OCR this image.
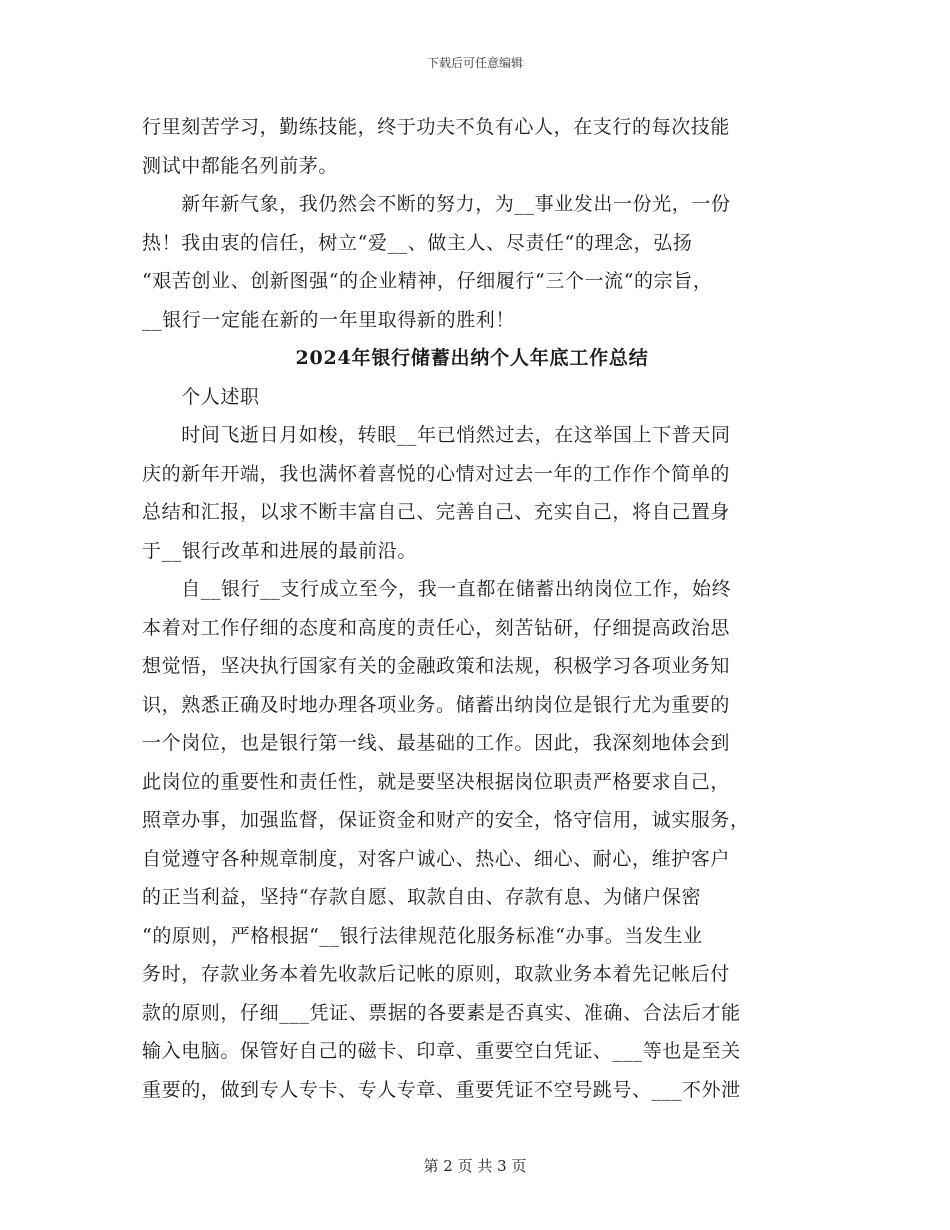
下载后可任意编辑
行里刻苦学习，勤练技能，终于功夫不负有心人，在支行的每次技能
测试中都能名列前茅。
　　新年新气象，我仍然会不断的努力，为__事业发出一份光，一份
热！我由衷的信任，树立“爱__、做主人、尽责任“的理念，弘扬
“艰苦创业、创新图强“的企业精神，仔细履行“三个一流“的宗旨，
__银行一定能在新的一年里取得新的胜利！
2024年银行储蓄出纳个人年底工作总结
　　个人述职
　　时间飞逝日月如梭，转眼__年已悄然过去，在这举国上下普天同
庆的新年开端，我也满怀着喜悦的心情对过去一年的工作作个简单的
总结和汇报，以求不断丰富自己、完善自己、充实自己，将自己置身
于__银行改革和进展的最前沿。
　　自__银行__支行成立至今，我一直都在储蓄出纳岗位工作，始终
本着对工作仔细的态度和高度的责任心，刻苦钻研，仔细提高政治思
想觉悟，坚决执行国家有关的金融政策和法规，积极学习各项业务知
识，熟悉正确及时地办理各项业务。储蓄出纳岗位是银行尤为重要的
一个岗位，也是银行第一线、最基础的工作。因此，我深刻地体会到
此岗位的重要性和责任性，就是要坚决根据岗位职责严格要求自己，
照章办事，加强监督，保证资金和财产的安全，恪守信用，诚实服务，
自觉遵守各种规章制度，对客户诚心、热心、细心、耐心，维护客户
的正当利益，坚持“存款自愿、取款自由、存款有息、为储户保密
“的原则，严格根据“__银行法律规范化服务标准“办事。当发生业
务时，存款业务本着先收款后记帐的原则，取款业务本着先记帐后付
款的原则，仔细___凭证、票据的各要素是否真实、准确、合法后才能
输入电脑。保管好自己的磁卡、印章、重要空白凭证、___等也是至关
重要的，做到专人专卡、专人专章、重要凭证不空号跳号、___不外泄
第 2 页 共 3 页
